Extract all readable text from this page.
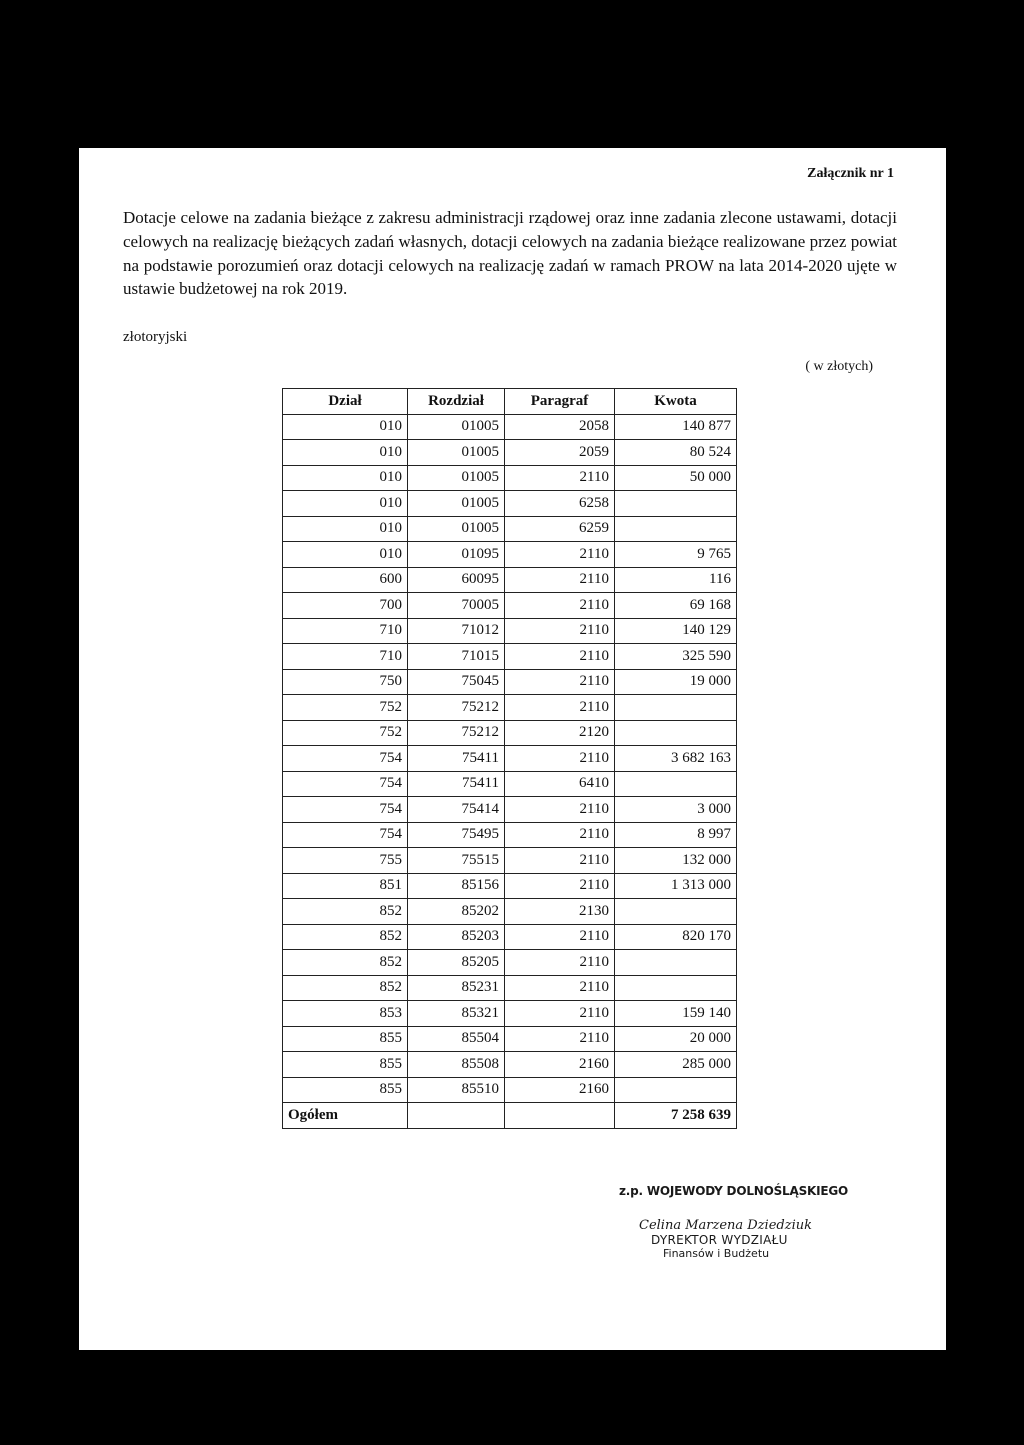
Załącznik nr 1
Dotacje celowe na zadania bieżące z zakresu administracji rządowej oraz inne zadania zlecone ustawami, dotacji celowych na realizację bieżących zadań własnych, dotacji celowych na zadania bieżące realizowane przez powiat na podstawie porozumień oraz dotacji celowych na realizację zadań w ramach PROW na lata 2014-2020 ujęte w ustawie budżetowej na rok 2019.
złotoryjski
( w złotych)
Dział	Rozdział	Paragraf	Kwota
010	01005	2058	140 877
010	01005	2059	80 524
010	01005	2110	50 000
010	01005	6258	
010	01005	6259	
010	01095	2110	9 765
600	60095	2110	116
700	70005	2110	69 168
710	71012	2110	140 129
710	71015	2110	325 590
750	75045	2110	19 000
752	75212	2110	
752	75212	2120	
754	75411	2110	3 682 163
754	75411	6410	
754	75414	2110	3 000
754	75495	2110	8 997
755	75515	2110	132 000
851	85156	2110	1 313 000
852	85202	2130	
852	85203	2110	820 170
852	85205	2110	
852	85231	2110	
853	85321	2110	159 140
855	85504	2110	20 000
855	85508	2160	285 000
855	85510	2160	
Ogółem			7 258 639
z.p. WOJEWODY DOLNOŚLĄSKIEGO
Celina Marzena Dziedziuk
DYREKTOR WYDZIAŁU
Finansów i Budżetu
